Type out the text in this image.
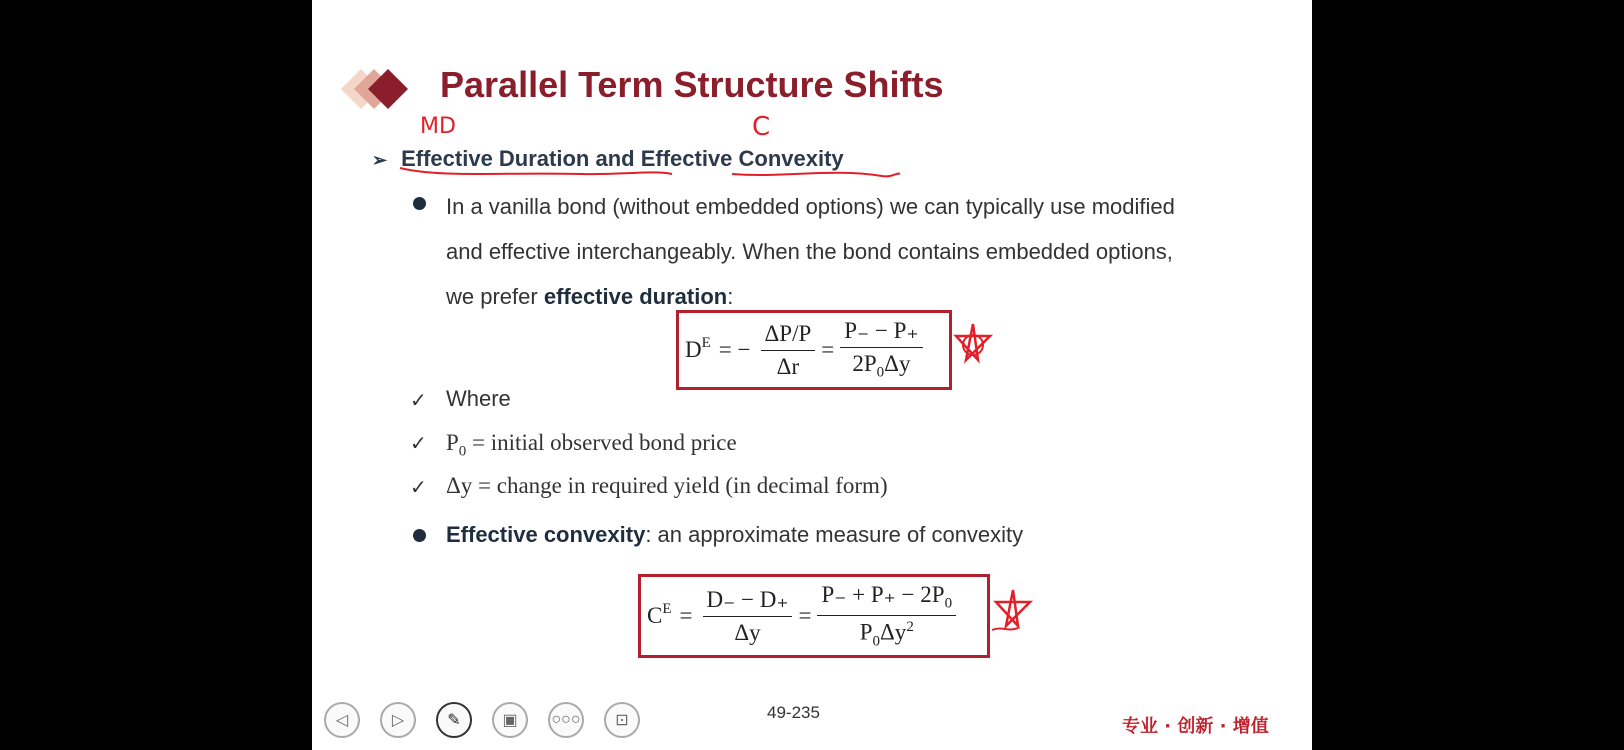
Parallel Term Structure Shifts
MD	C
➢ Effective Duration and Effective Convexity
In a vanilla bond (without embedded options) we can typically use modified and effective interchangeably. When the bond contains embedded options, we prefer effective duration:
$D^E$ = − $\frac{\Delta P/P}{\Delta r} = \frac{P_- - P_+}{2P_0\Delta y}$
✓ Where
✓ $P_0$ = initial observed bond price
✓ Δy = change in required yield (in decimal form)
Effective convexity: an approximate measure of convexity
$C^E = \frac{D_- - D_+}{\Delta y} = \frac{P_- + P_+ - 2P_0}{P_0\Delta y^2}$
◁	▷	✎	▣ ○○○ ⊡	49-235
专业 · 创新 · 增值
